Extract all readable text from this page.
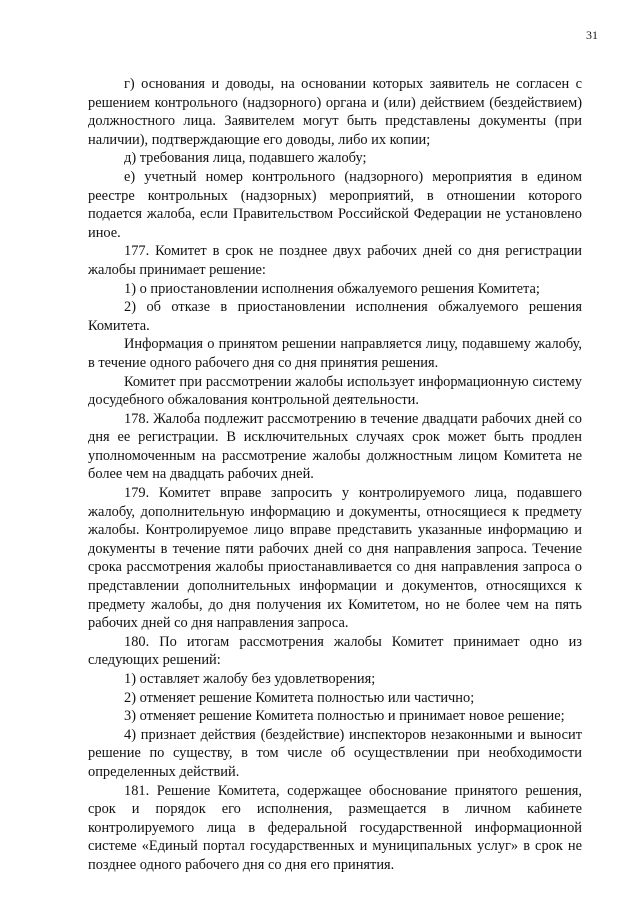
31

г) основания и доводы, на основании которых заявитель не согласен с решением контрольного (надзорного) органа и (или) действием (бездействием) должностного лица. Заявителем могут быть представлены документы (при наличии), подтверждающие его доводы, либо их копии;

д) требования лица, подавшего жалобу;

е) учетный номер контрольного (надзорного) мероприятия в едином реестре контрольных (надзорных) мероприятий, в отношении которого подается жалоба, если Правительством Российской Федерации не установлено иное.

177. Комитет в срок не позднее двух рабочих дней со дня регистрации жалобы принимает решение:

1) о приостановлении исполнения обжалуемого решения Комитета;

2) об отказе в приостановлении исполнения обжалуемого решения Комитета.

Информация о принятом решении направляется лицу, подавшему жалобу, в течение одного рабочего дня со дня принятия решения.

Комитет при рассмотрении жалобы использует информационную систему досудебного обжалования контрольной деятельности.

178. Жалоба подлежит рассмотрению в течение двадцати рабочих дней со дня ее регистрации. В исключительных случаях срок может быть продлен уполномоченным на рассмотрение жалобы должностным лицом Комитета не более чем на двадцать рабочих дней.

179. Комитет вправе запросить у контролируемого лица, подавшего жалобу, дополнительную информацию и документы, относящиеся к предмету жалобы. Контролируемое лицо вправе представить указанные информацию и документы в течение пяти рабочих дней со дня направления запроса. Течение срока рассмотрения жалобы приостанавливается со дня направления запроса о представлении дополнительных информации и документов, относящихся к предмету жалобы, до дня получения их Комитетом, но не более чем на пять рабочих дней со дня направления запроса.

180. По итогам рассмотрения жалобы Комитет принимает одно из следующих решений:

1) оставляет жалобу без удовлетворения;

2) отменяет решение Комитета полностью или частично;

3) отменяет решение Комитета полностью и принимает новое решение;

4) признает действия (бездействие) инспекторов незаконными и выносит решение по существу, в том числе об осуществлении при необходимости определенных действий.

181. Решение Комитета, содержащее обоснование принятого решения, срок и порядок его исполнения, размещается в личном кабинете контролируемого лица в федеральной государственной информационной системе «Единый портал государственных и муниципальных услуг» в срок не позднее одного рабочего дня со дня его принятия.
